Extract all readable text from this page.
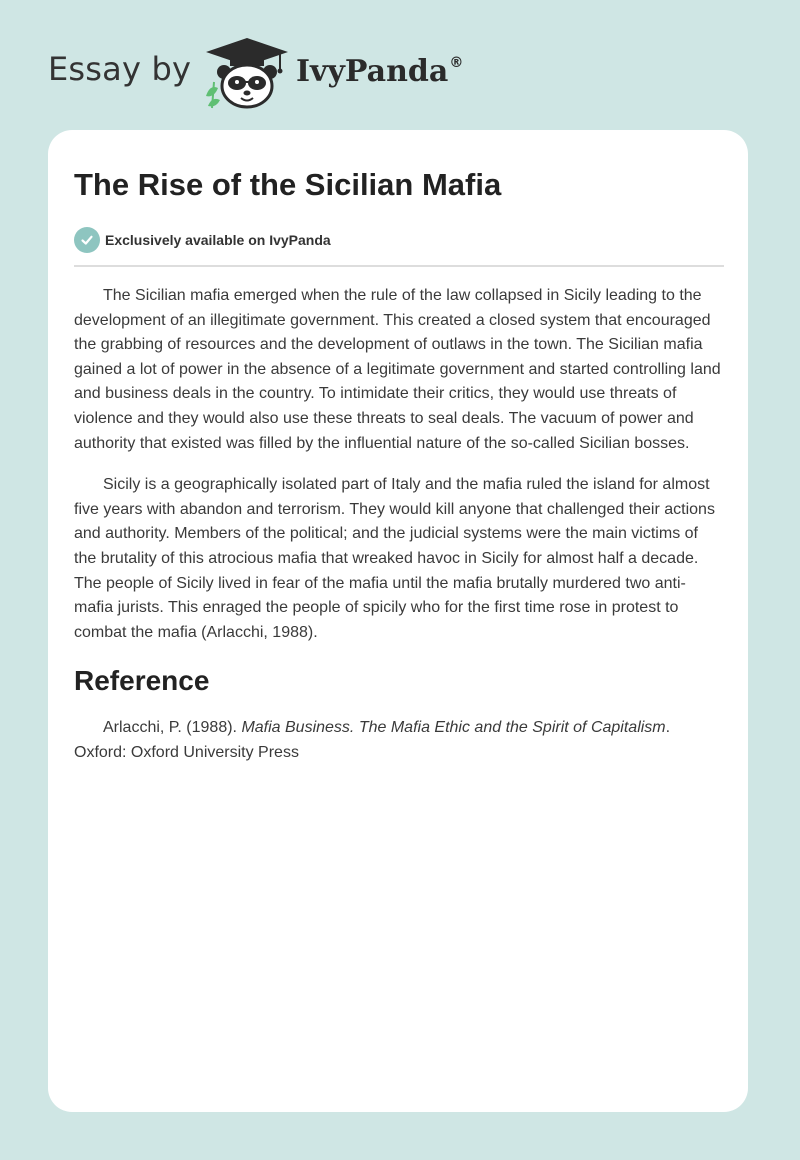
Essay by	IvyPanda®
The Rise of the Sicilian Mafia
Exclusively available on IvyPanda

The Sicilian mafia emerged when the rule of the law collapsed in Sicily leading to the development of an illegitimate government. This created a closed system that encouraged the grabbing of resources and the development of outlaws in the town. The Sicilian mafia gained a lot of power in the absence of a legitimate government and started controlling land and business deals in the country. To intimidate their critics, they would use threats of violence and they would also use these threats to seal deals. The vacuum of power and authority that existed was filled by the influential nature of the so-called Sicilian bosses.

Sicily is a geographically isolated part of Italy and the mafia ruled the island for almost five years with abandon and terrorism. They would kill anyone that challenged their actions and authority. Members of the political; and the judicial systems were the main victims of the brutality of this atrocious mafia that wreaked havoc in Sicily for almost half a decade. The people of Sicily lived in fear of the mafia until the mafia brutally murdered two anti-mafia jurists. This enraged the people of spicily who for the first time rose in protest to combat the mafia (Arlacchi, 1988).

Reference

Arlacchi, P. (1988). Mafia Business. The Mafia Ethic and the Spirit of Capitalism. Oxford: Oxford University Press
